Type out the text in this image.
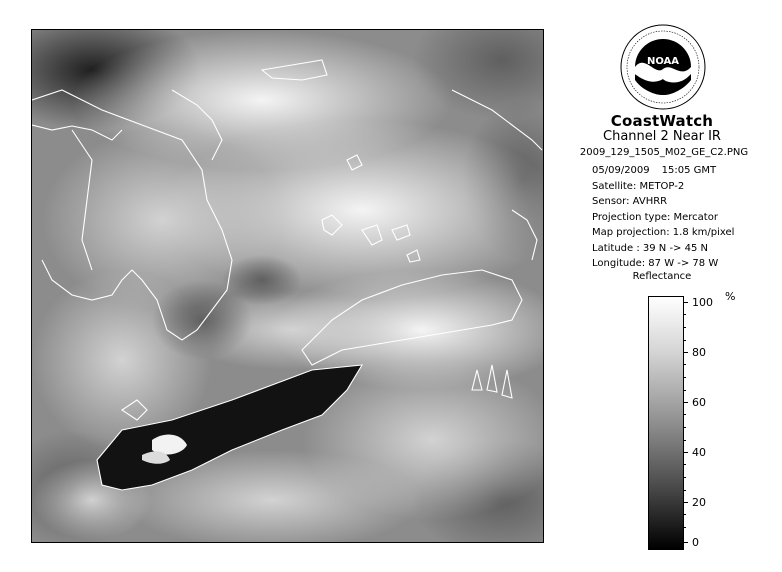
NOAA
CoastWatch
Channel 2 Near IR
2009_129_1505_M02_GE_C2.PNG
05/09/2009 15:05 GMT
Satellite: METOP-2
Sensor: AVHRR
Projection type: Mercator
Map projection: 1.8 km/pixel
Latitude : 39 N -> 45 N
Longitude: 87 W -> 78 W
Reflectance
%
100
80
60
40
20
0
